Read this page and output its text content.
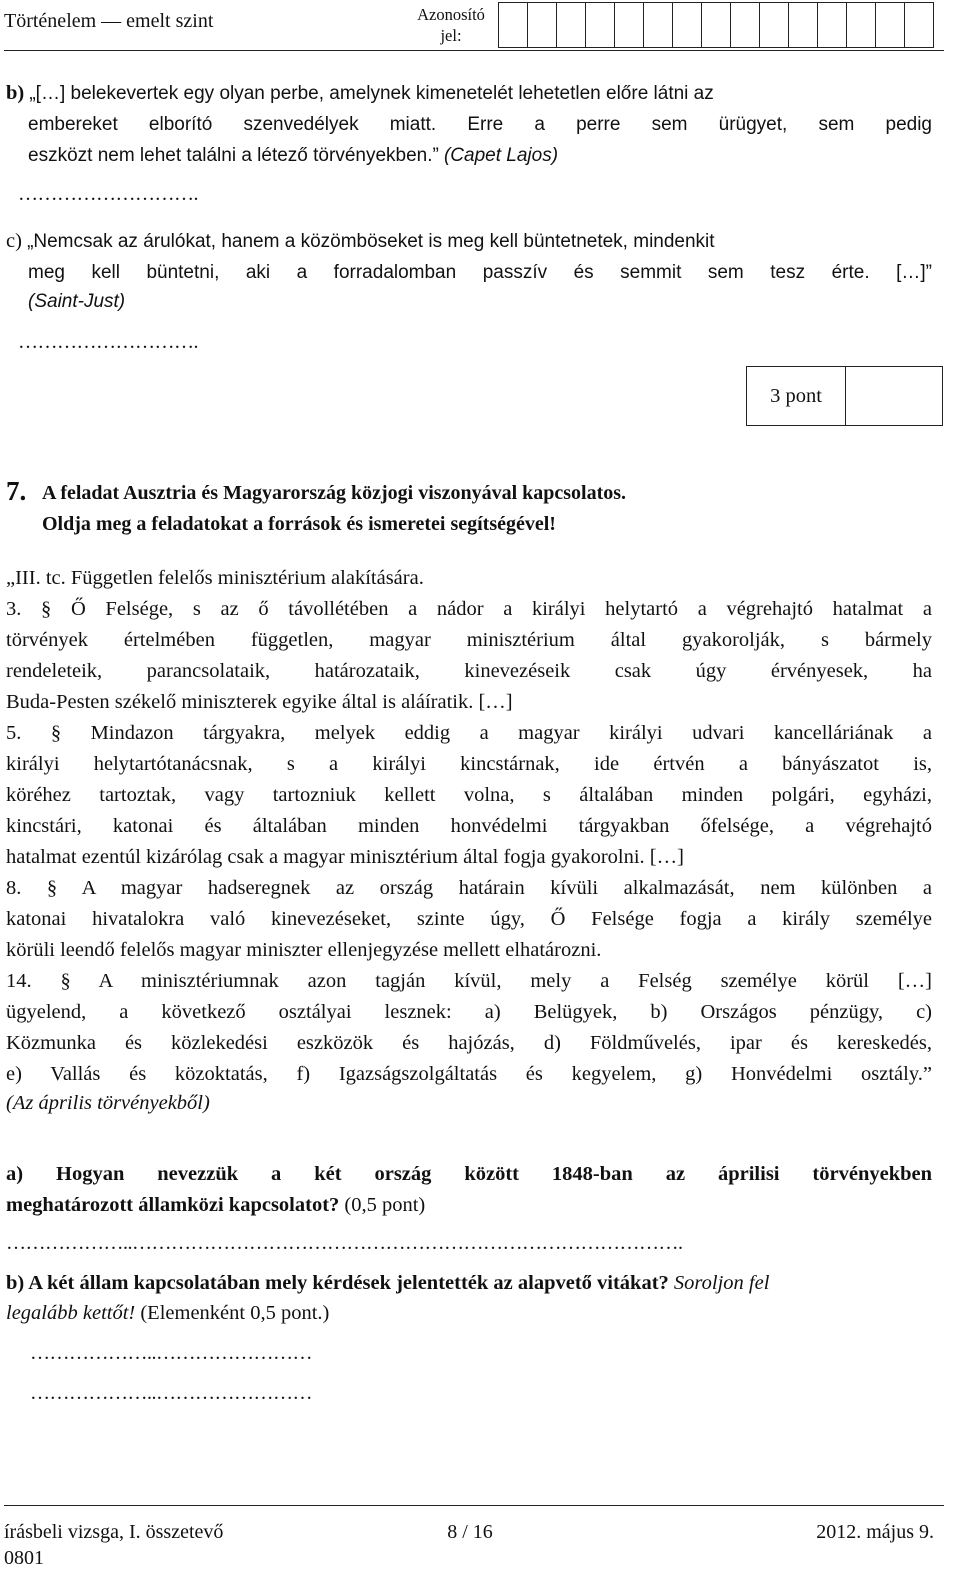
Történelem — emelt szint	Azonosító
jel:
b) „[…] belekevertek egy olyan perbe, amelynek kimenetelét lehetetlen előre látni az
embereket elborító szenvedélyek miatt. Erre a perre sem ürügyet, sem pedig
eszközt nem lehet találni a létező törvényekben.” (Capet Lajos)
……………………….
c) „Nemcsak az árulókat, hanem a közömböseket is meg kell büntetnetek, mindenkit
meg kell büntetni, aki a forradalomban passzív és semmit sem tesz érte. […]”
(Saint-Just)
……………………….
3 pont
7. A feladat Ausztria és Magyarország közjogi viszonyával kapcsolatos.
Oldja meg a feladatokat a források és ismeretei segítségével!
„III. tc. Független felelős minisztérium alakítására.
3. § Ő Felsége, s az ő távollétében a nádor a királyi helytartó a végrehajtó hatalmat a
törvények értelmében független, magyar minisztérium által gyakorolják, s bármely
rendeleteik, parancsolataik, határozataik, kinevezéseik csak úgy érvényesek, ha
Buda-Pesten székelő miniszterek egyike által is aláíratik. […]
5. § Mindazon tárgyakra, melyek eddig a magyar királyi udvari kancelláriának a
királyi helytartótanácsnak, s a királyi kincstárnak, ide értvén a bányászatot is,
köréhez tartoztak, vagy tartozniuk kellett volna, s általában minden polgári, egyházi,
kincstári, katonai és általában minden honvédelmi tárgyakban őfelsége, a végrehajtó
hatalmat ezentúl kizárólag csak a magyar minisztérium által fogja gyakorolni. […]
8. § A magyar hadseregnek az ország határain kívüli alkalmazását, nem különben a
katonai hivatalokra való kinevezéseket, szinte úgy, Ő Felsége fogja a király személye
körüli leendő felelős magyar miniszter ellenjegyzése mellett elhatározni.
14. § A minisztériumnak azon tagján kívül, mely a Felség személye körül […]
ügyelend, a következő osztályai lesznek: a) Belügyek, b) Országos pénzügy, c)
Közmunka és közlekedési eszközök és hajózás, d) Földművelés, ipar és kereskedés,
e) Vallás és közoktatás, f) Igazságszolgáltatás és kegyelem, g) Honvédelmi osztály.”
(Az április törvényekből)
a) Hogyan nevezzük a két ország között 1848-ban az áprilisi törvényekben
meghatározott államközi kapcsolatot? (0,5 pont)
………………..………………………………………………………………………….
b) A két állam kapcsolatában mely kérdések jelentették az alapvető vitákat? Soroljon fel
legalább kettőt! (Elemenként 0,5 pont.)
………………..……………………
………………..……………………
írásbeli vizsga, I. összetevő
0801
8 / 16	2012. május 9.
